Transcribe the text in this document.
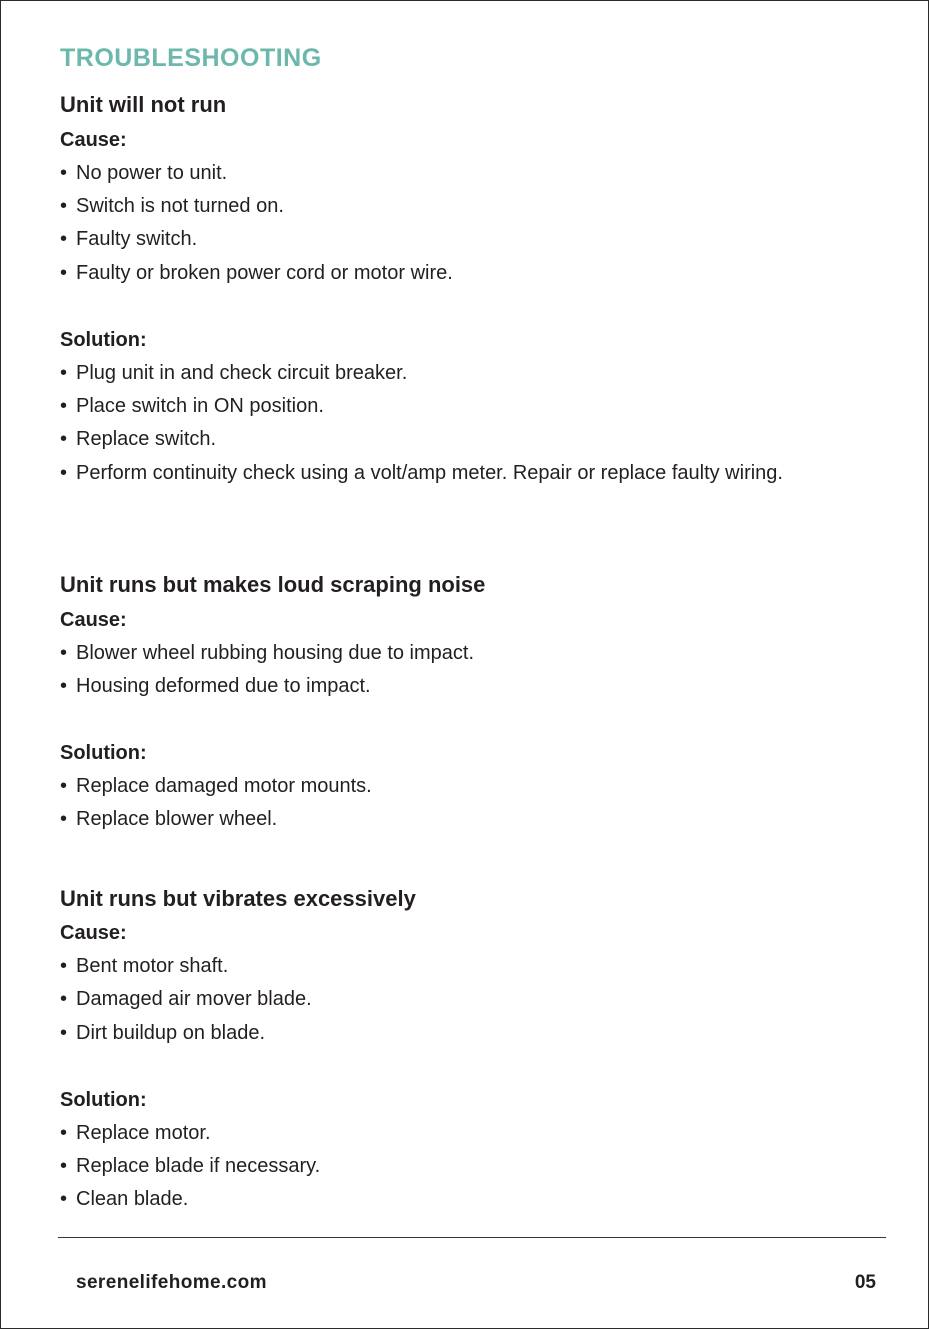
TROUBLESHOOTING
Unit will not run

Cause:

• No power to unit.

• Switch is not turned on.

• Faulty switch.

• Faulty or broken power cord or motor wire.

Solution:

• Plug unit in and check circuit breaker.

• Place switch in ON position.

• Replace switch.

• Perform continuity check using a volt/amp meter. Repair or replace faulty wiring.

Unit runs but makes loud scraping noise

Cause:

• Blower wheel rubbing housing due to impact.

• Housing deformed due to impact.

Solution:

• Replace damaged motor mounts.

• Replace blower wheel.

Unit runs but vibrates excessively

Cause:

• Bent motor shaft.

• Damaged air mover blade.

• Dirt buildup on blade.

Solution:

• Replace motor.

• Replace blade if necessary.

• Clean blade.

serenelifehome.com	05
